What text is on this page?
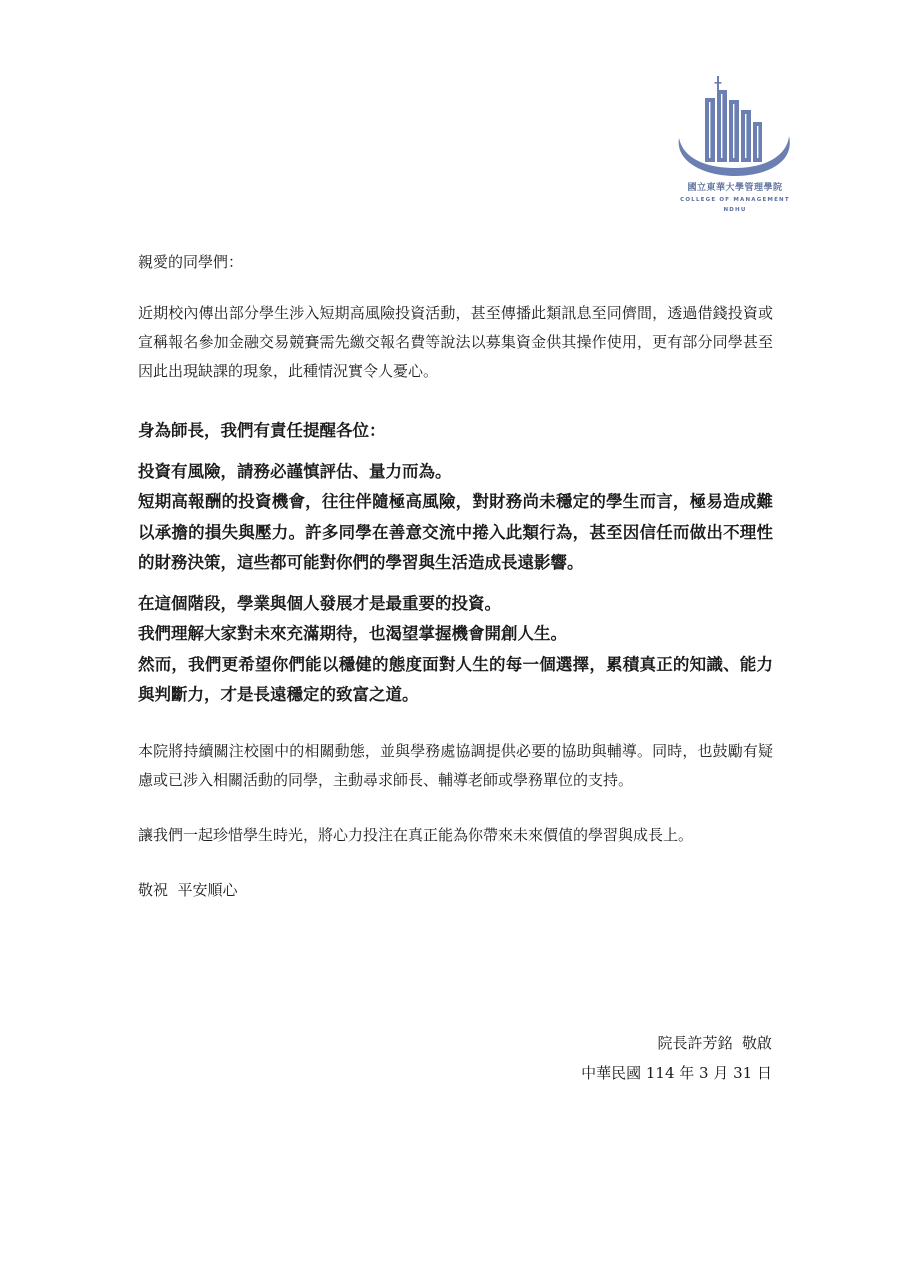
國立東華大學管理學院
COLLEGE OF MANAGEMENT
NDHU

親愛的同學們：

近期校內傳出部分學生涉入短期高風險投資活動，甚至傳播此類訊息至同儕間，透過借錢投資或宣稱報名參加金融交易競賽需先繳交報名費等說法以募集資金供其操作使用，更有部分同學甚至因此出現缺課的現象，此種情況實令人憂心。

身為師長，我們有責任提醒各位：

投資有風險，請務必謹慎評估、量力而為。

短期高報酬的投資機會，往往伴隨極高風險，對財務尚未穩定的學生而言，極易造成難以承擔的損失與壓力。許多同學在善意交流中捲入此類行為，甚至因信任而做出不理性的財務決策，這些都可能對你們的學習與生活造成長遠影響。

在這個階段，學業與個人發展才是最重要的投資。

我們理解大家對未來充滿期待，也渴望掌握機會開創人生。

然而，我們更希望你們能以穩健的態度面對人生的每一個選擇，累積真正的知識、能力與判斷力，才是長遠穩定的致富之道。

本院將持續關注校園中的相關動態，並與學務處協調提供必要的協助與輔導。同時，也鼓勵有疑慮或已涉入相關活動的同學，主動尋求師長、輔導老師或學務單位的支持。

讓我們一起珍惜學生時光，將心力投注在真正能為你帶來未來價值的學習與成長上。

敬祝  平安順心

院長許芳銘  敬啟
中華民國 114 年 3 月 31 日
